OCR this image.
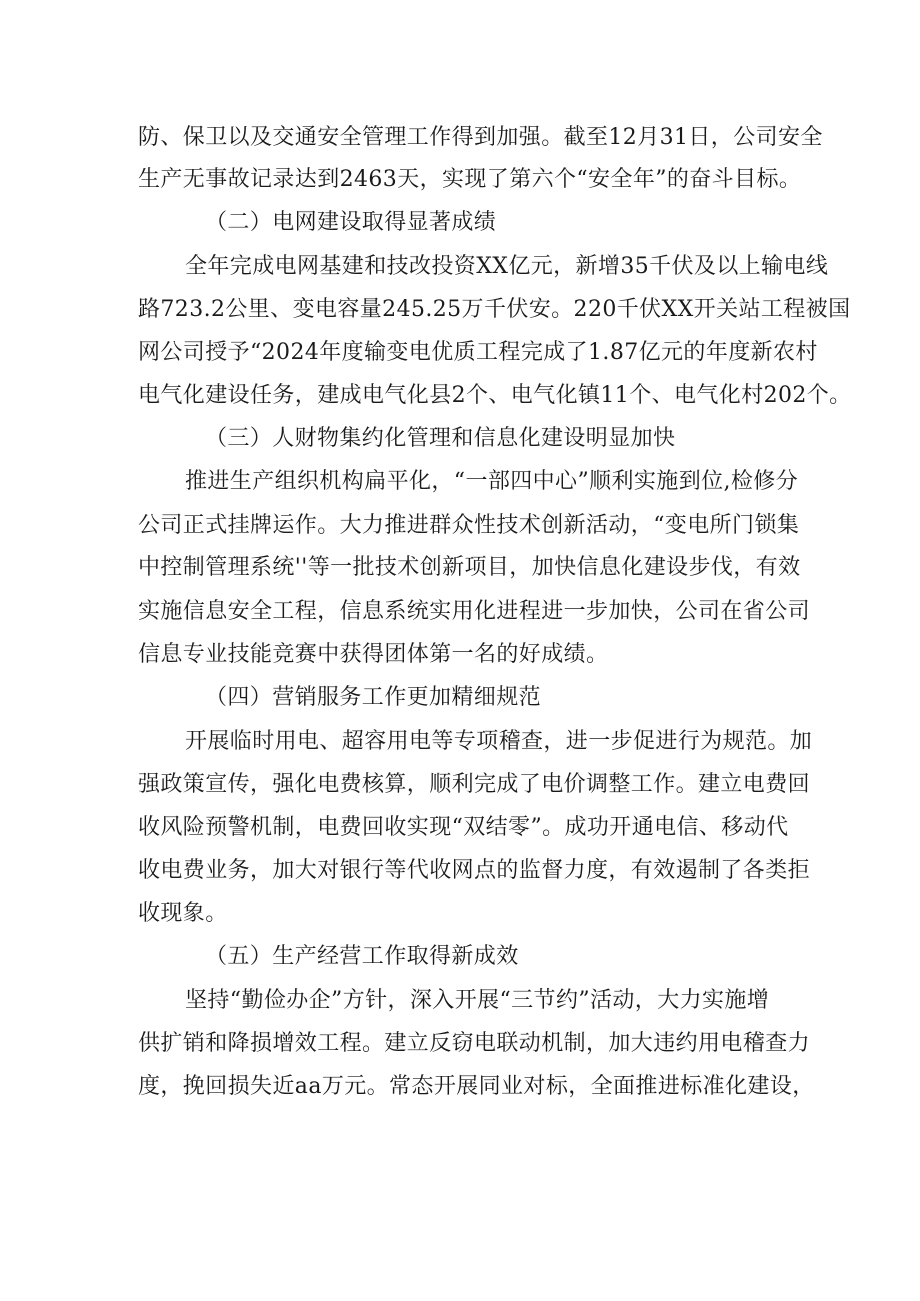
防、保卫以及交通安全管理工作得到加强。截至12月31日，公司安全

生产无事故记录达到2463天，实现了第六个“安全年”的奋斗目标。

（二）电网建设取得显著成绩

全年完成电网基建和技改投资XX亿元，新增35千伏及以上输电线

路723.2公里、变电容量245.25万千伏安。220千伏XX开关站工程被国

网公司授予“2024年度输变电优质工程完成了1.87亿元的年度新农村

电气化建设任务，建成电气化县2个、电气化镇11个、电气化村202个。

（三）人财物集约化管理和信息化建设明显加快

推进生产组织机构扁平化，“一部四中心”顺利实施到位,检修分

公司正式挂牌运作。大力推进群众性技术创新活动，“变电所门锁集

中控制管理系统''等一批技术创新项目，加快信息化建设步伐，有效

实施信息安全工程，信息系统实用化进程进一步加快，公司在省公司

信息专业技能竞赛中获得团体第一名的好成绩。

（四）营销服务工作更加精细规范

开展临时用电、超容用电等专项稽查，进一步促进行为规范。加

强政策宣传，强化电费核算，顺利完成了电价调整工作。建立电费回

收风险预警机制，电费回收实现“双结零”。成功开通电信、移动代

收电费业务，加大对银行等代收网点的监督力度，有效遏制了各类拒

收现象。

（五）生产经营工作取得新成效

坚持“勤俭办企”方针，深入开展“三节约”活动，大力实施增

供扩销和降损增效工程。建立反窃电联动机制，加大违约用电稽查力

度，挽回损失近aa万元。常态开展同业对标，全面推进标准化建设，
